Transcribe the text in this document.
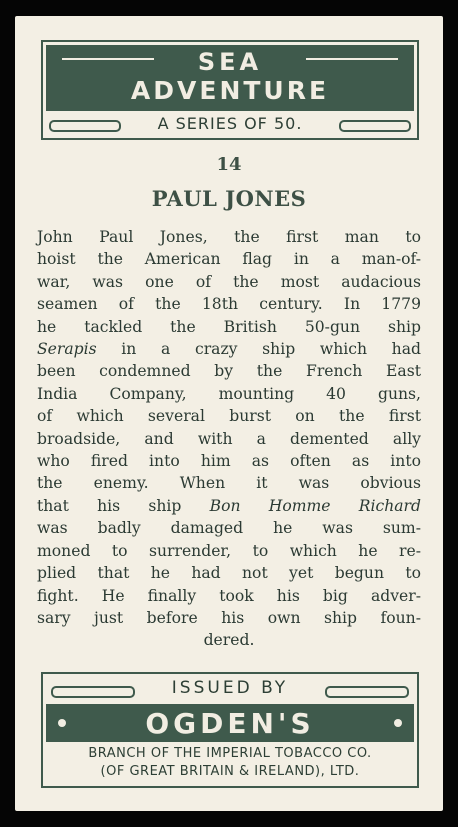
SEA
ADVENTURE
A SERIES OF 50.
14
PAUL JONES
John Paul Jones, the first man to
hoist the American flag in a man-of-
war, was one of the most audacious
seamen of the 18th century. In 1779
he tackled the British 50-gun ship
Serapis in a crazy ship which had
been condemned by the French East
India Company, mounting 40 guns,
of which several burst on the first
broadside, and with a demented ally
who fired into him as often as into
the enemy. When it was obvious
that his ship Bon Homme Richard
was badly damaged he was sum-
moned to surrender, to which he re-
plied that he had not yet begun to
fight. He finally took his big adver-
sary just before his own ship foun-
dered.
ISSUED BY
OGDEN'S
BRANCH OF THE IMPERIAL TOBACCO CO.
(OF GREAT BRITAIN & IRELAND), LTD.
